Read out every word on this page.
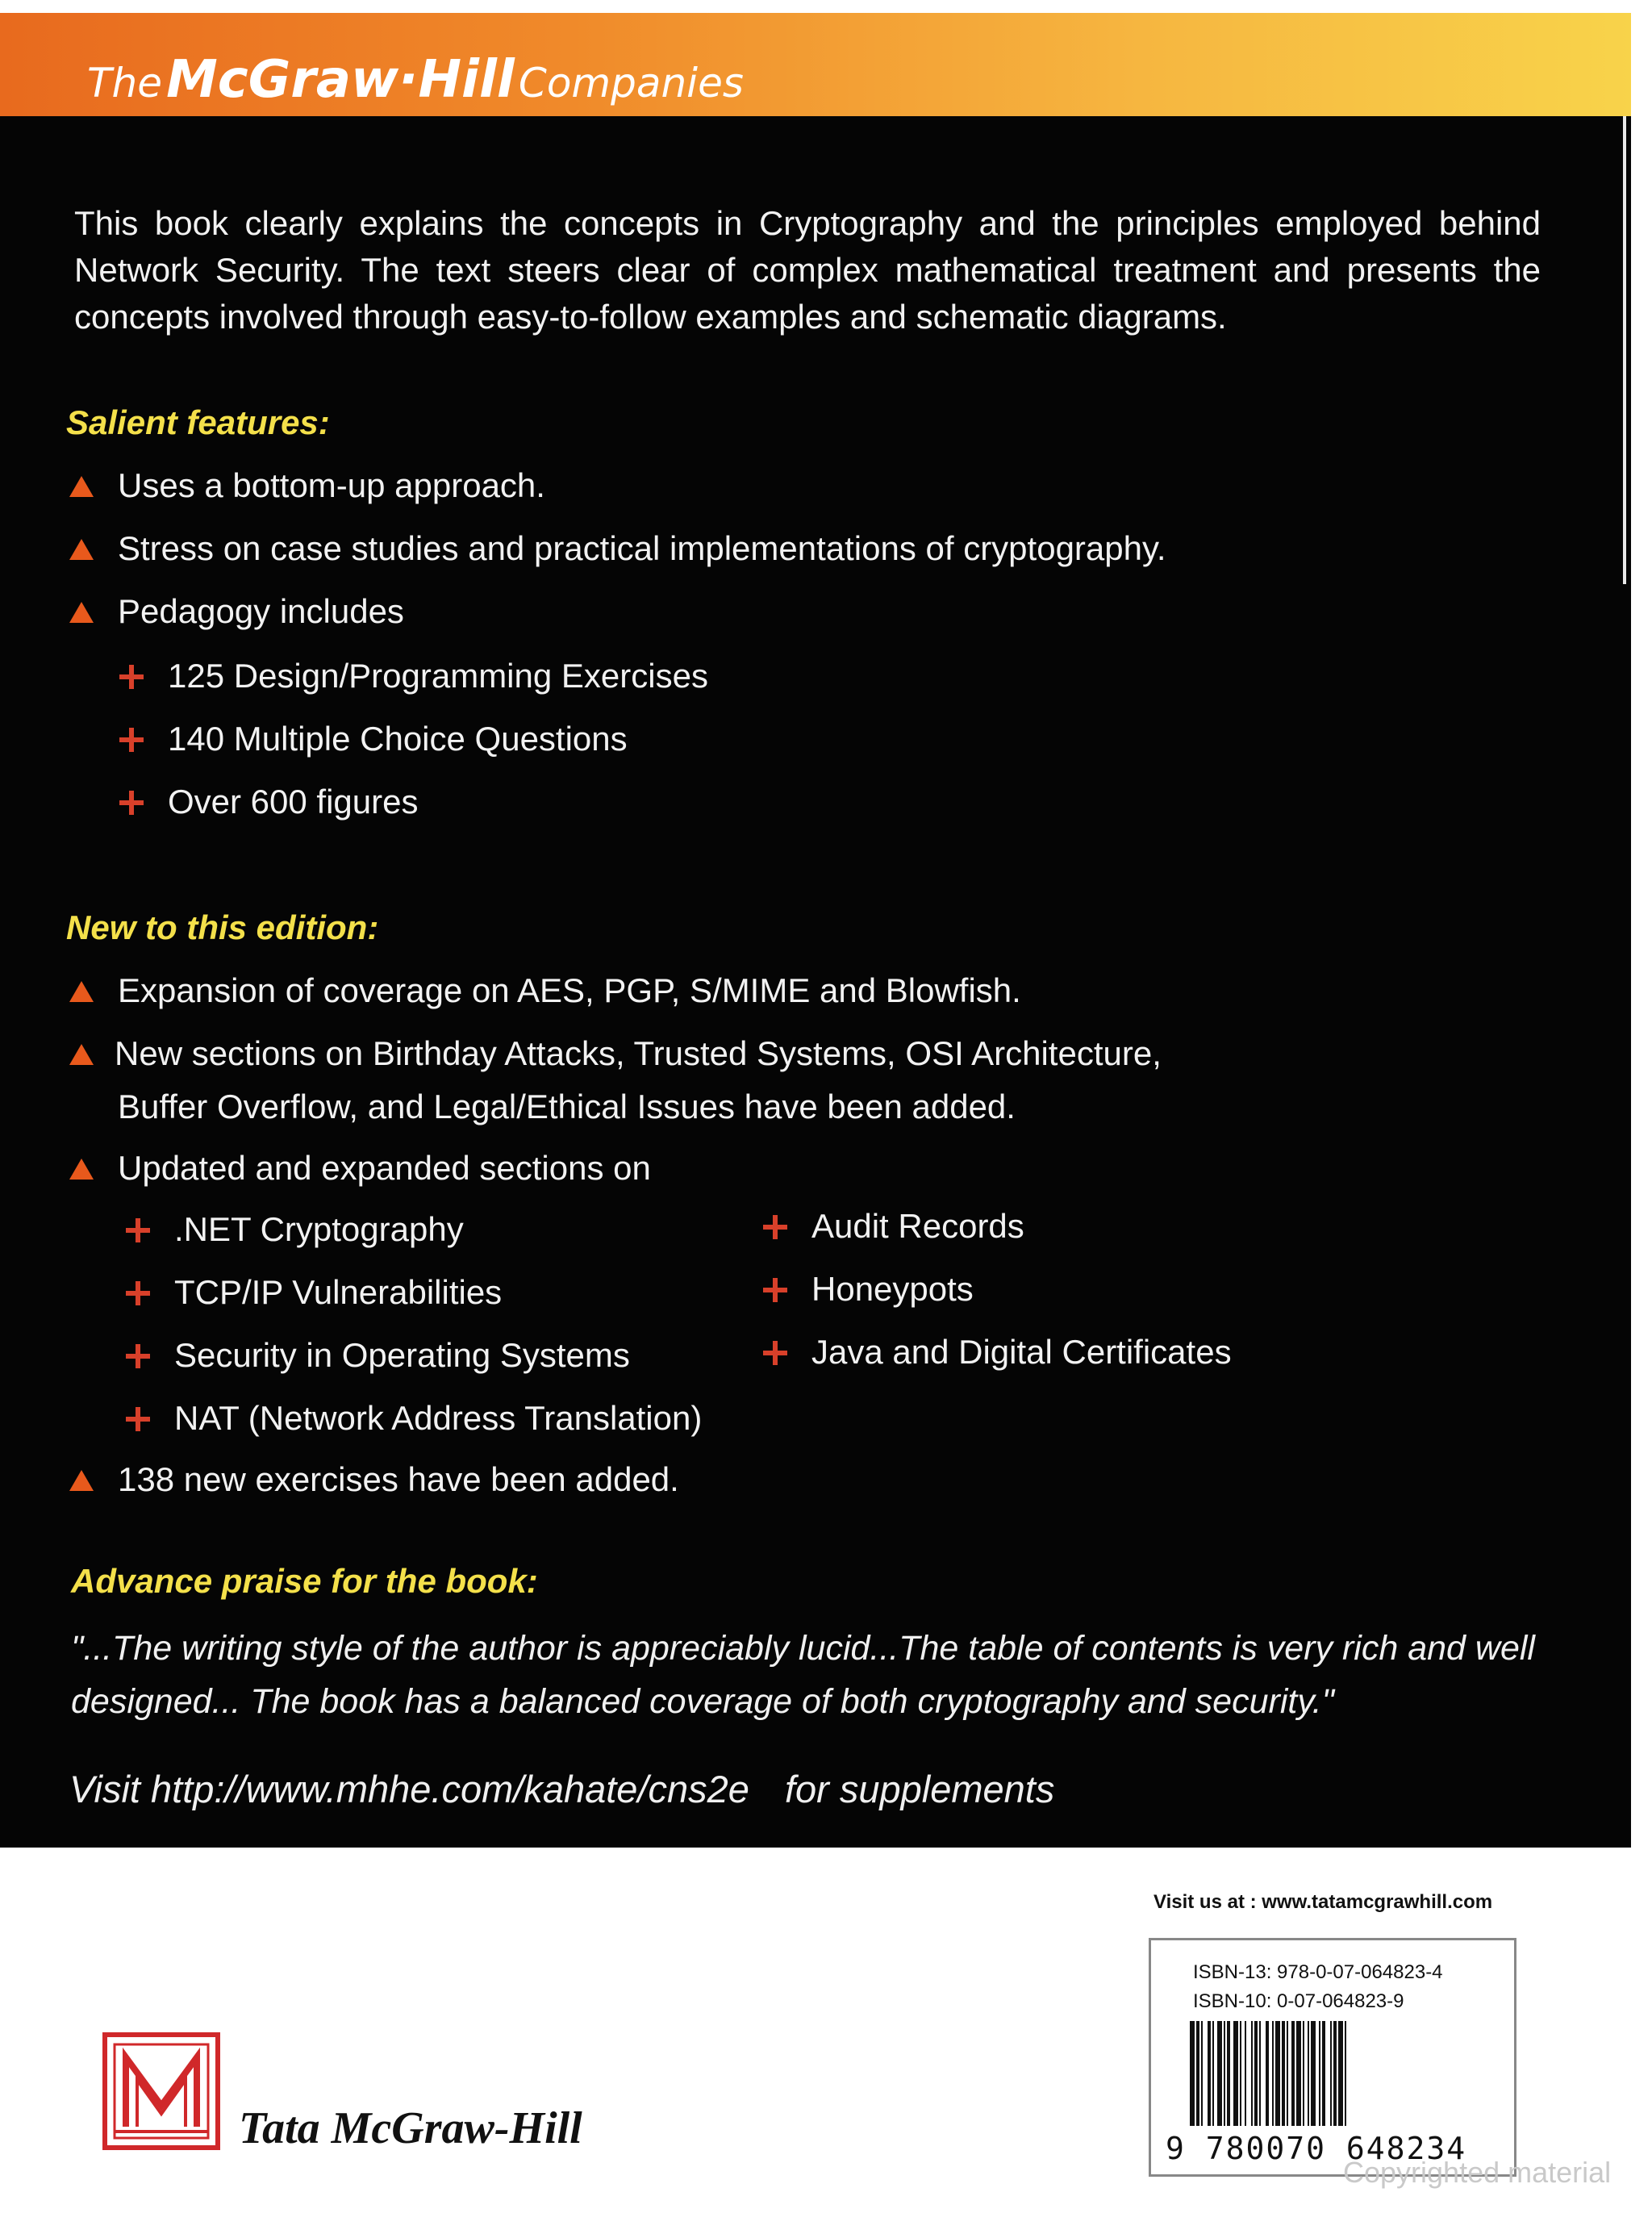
The McGraw·Hill Companies
This book clearly explains the concepts in Cryptography and the principles employed behind Network Security. The text steers clear of complex mathematical treatment and presents the concepts involved through easy-to-follow examples and schematic diagrams.
Salient features:
Uses a bottom-up approach.
Stress on case studies and practical implementations of cryptography.
Pedagogy includes
125 Design/Programming Exercises
140 Multiple Choice Questions
Over 600 figures
New to this edition:
Expansion of coverage on AES, PGP, S/MIME and Blowfish.
New sections on Birthday Attacks, Trusted Systems, OSI Architecture,
Buffer Overflow, and Legal/Ethical Issues have been added.
Updated and expanded sections on
.NET Cryptography
TCP/IP Vulnerabilities
Security in Operating Systems
NAT (Network Address Translation)
Audit Records
Honeypots
Java and Digital Certificates
138 new exercises have been added.
Advance praise for the book:
"...The writing style of the author is appreciably lucid...The table of contents is very rich and well designed... The book has a balanced coverage of both cryptography and security."
Visit http://www.mhhe.com/kahate/cns2e for supplements
Visit us at : www.tatamcgrawhill.com
ISBN-13: 978-0-07-064823-4
ISBN-10: 0-07-064823-9
9 780070 648234
Copyrighted material
Tata McGraw-Hill
